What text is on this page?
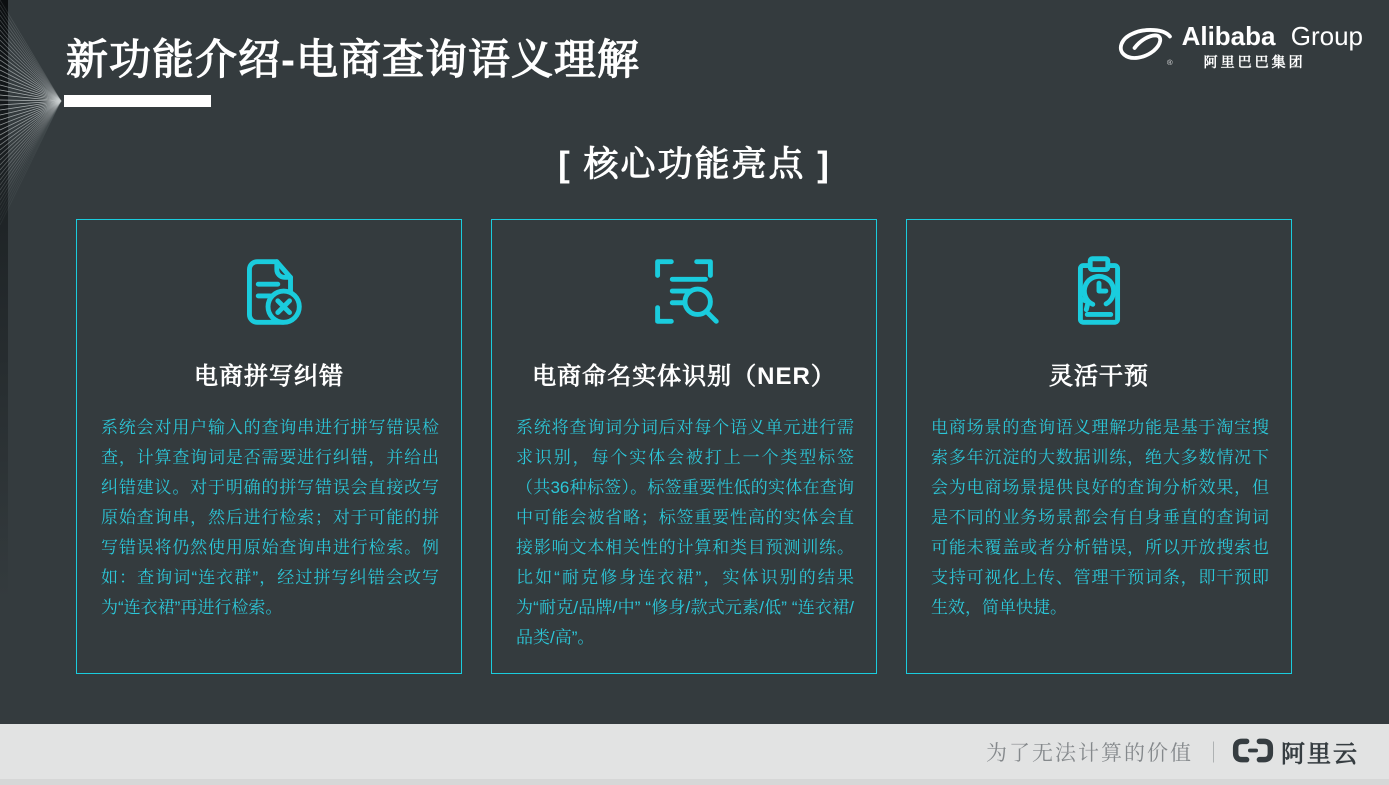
新功能介绍-电商查询语义理解	®
Alibaba Group
阿里巴巴集团
[ 核心功能亮点 ]
电商拼写纠错
系统会对用户输入的查询串进行拼写错误检查，计算查询词是否需要进行纠错，并给出纠错建议。对于明确的拼写错误会直接改写原始查询串，然后进行检索；对于可能的拼写错误将仍然使用原始查询串进行检索。例如：查询词“连衣群”，经过拼写纠错会改写为“连衣裙”再进行检索。
电商命名实体识别（NER）
系统将查询词分词后对每个语义单元进行需求识别，每个实体会被打上一个类型标签（共36种标签）。标签重要性低的实体在查询中可能会被省略；标签重要性高的实体会直接影响文本相关性的计算和类目预测训练。比如“耐克修身连衣裙”，实体识别的结果为“耐克/品牌/中” “修身/款式元素/低” “连衣裙/品类/高”。
灵活干预
电商场景的查询语义理解功能是基于淘宝搜索多年沉淀的大数据训练，绝大多数情况下会为电商场景提供良好的查询分析效果，但是不同的业务场景都会有自身垂直的查询词可能未覆盖或者分析错误，所以开放搜索也支持可视化上传、管理干预词条，即干预即生效，简单快捷。
为了无法计算的价值 ｜ 阿里云
